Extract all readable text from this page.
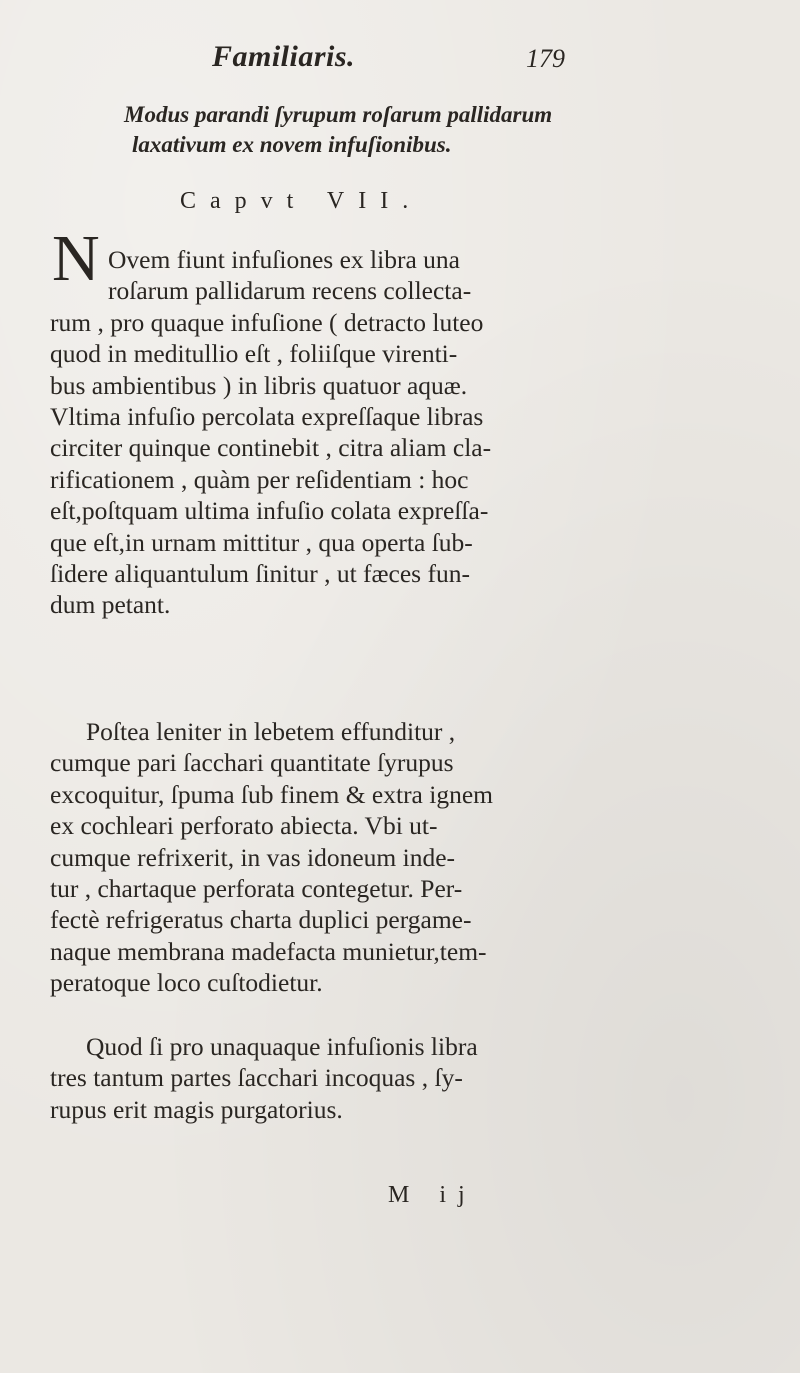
Familiaris.	179
Modus parandi ſyrupum roſarum pallidarum
laxativum ex novem infuſionibus.
Capvt VII.
N Ovem fiunt infuſiones ex libra una
roſarum pallidarum recens collecta-
rum , pro quaque infuſione ( detracto luteo
quod in meditullio eſt , foliiſque virenti-
bus ambientibus ) in libris quatuor aquæ.
Vltima infuſio percolata expreſſaque libras
circiter quinque continebit , citra aliam cla-
rificationem , quàm per reſidentiam : hoc
eſt,poſtquam ultima infuſio colata expreſſa-
que eſt,in urnam mittitur , qua operta ſub-
ſidere aliquantulum ſinitur , ut fæces fun-
dum petant.
Poſtea leniter in lebetem effunditur ,
cumque pari ſacchari quantitate ſyrupus
excoquitur, ſpuma ſub finem & extra ignem
ex cochleari perforato abiecta. Vbi ut-
cumque refrixerit, in vas idoneum inde-
tur , chartaque perforata contegetur. Per-
fectè refrigeratus charta duplici pergame-
naque membrana madefacta munietur,tem-
peratoque loco cuſtodietur.
Quod ſi pro unaquaque infuſionis libra
tres tantum partes ſacchari incoquas , ſy-
rupus erit magis purgatorius.
M ij
